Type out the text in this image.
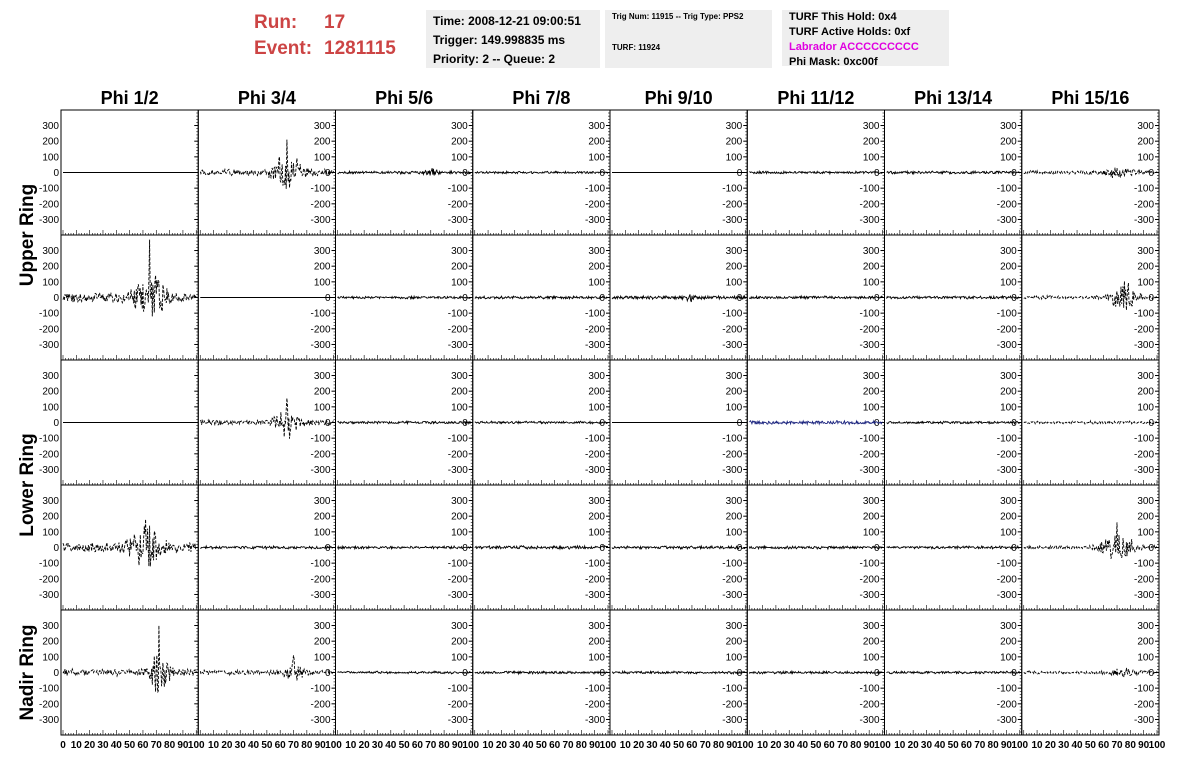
Run: 17
Event: 1281115
Time: 2008-12-21 09:00:51
Trigger: 149.998835 ms
Priority: 2 -- Queue: 2
Trig Num: 11915 -- Trig Type: PPS2
TURF: 11924
TURF This Hold: 0x4
TURF Active Holds: 0xf
Labrador ACCCCCCCCC
Phi Mask: 0xc00f
Phi 1/2	Phi 3/4	Phi 5/6	Phi 7/8	Phi 9/10	Phi 11/12	Phi 13/14	Phi 15/16
Upper Ring
Lower Ring
Nadir Ring
300
200
100
0
-100
-200
-300
300
200
100
0
-100
-200
-300
300
200
100
0
-100
-200
-300
300
200
100
0
-100
-200
-300
300
200
100
0
-100
-200
-300
300
200
100
0
-100
-200
-300
300
200
100
0
-100
-200
-300
300
200
100
0
-100
-200
-300
300
200
100
0
-100
-200
-300
300
200
100
0
-100
-200
-300
300
200
100
0
-100
-200
-300
300
200
100
0
-100
-200
-300
300
200
100
0
-100
-200
-300
300
200
100
0
-100
-200
-300
300
200
100
0
-100
-200
-300
300
200
100
0
-100
-200
-300
300
200
100
0
-100
-200
-300
300
200
100
0
-100
-200
-300
300
200
100
0
-100
-200
-300
300
200
100
0
-100
-200
-300
300
200
100
0
-100
-200
-300
300
200
100
0
-100
-200
-300
300
200
100
0
-100
-200
-300
300
200
100
0
-100
-200
-300
300
200
100
0
-100
-200
-300
300
200
100
0
-100
-200
-300
300
200
100
0
-100
-200
-300
300
200
100
0
-100
-200
-300
300
200
100
0
-100
-200
-300
300
200
100
0
-100
-200
-300
300
200
100
0
-100
-200
-300
300
200
100
0
-100
-200
-300
300
200
100
0
-100
-200
-300
300
200
100
0
-100
-200
-300
300
200
100
0
-100
-200
-300
300
200
100
0
-100
-200
-300
300
200
100
0
-100
-200
-300
300
200
100
0
-100
-200
-300
300
200
100
0
-100
-200
-300
300
200
100
0
-100
-200
-300
0 10 20 30 40 50 60 70 80 90 100 10 20 30 40 50 60 70 80 90 100 10 20 30 40 50 60 70 80 90 100 10 20 30 40 50 60 70 80 90 100 10 20 30 40 50 60 70 80 90 100 10 20 30 40 50 60 70 80 90 100 10 20 30 40 50 60 70 80 90 100 10 20 30 40 50 60 70 80 90 100
